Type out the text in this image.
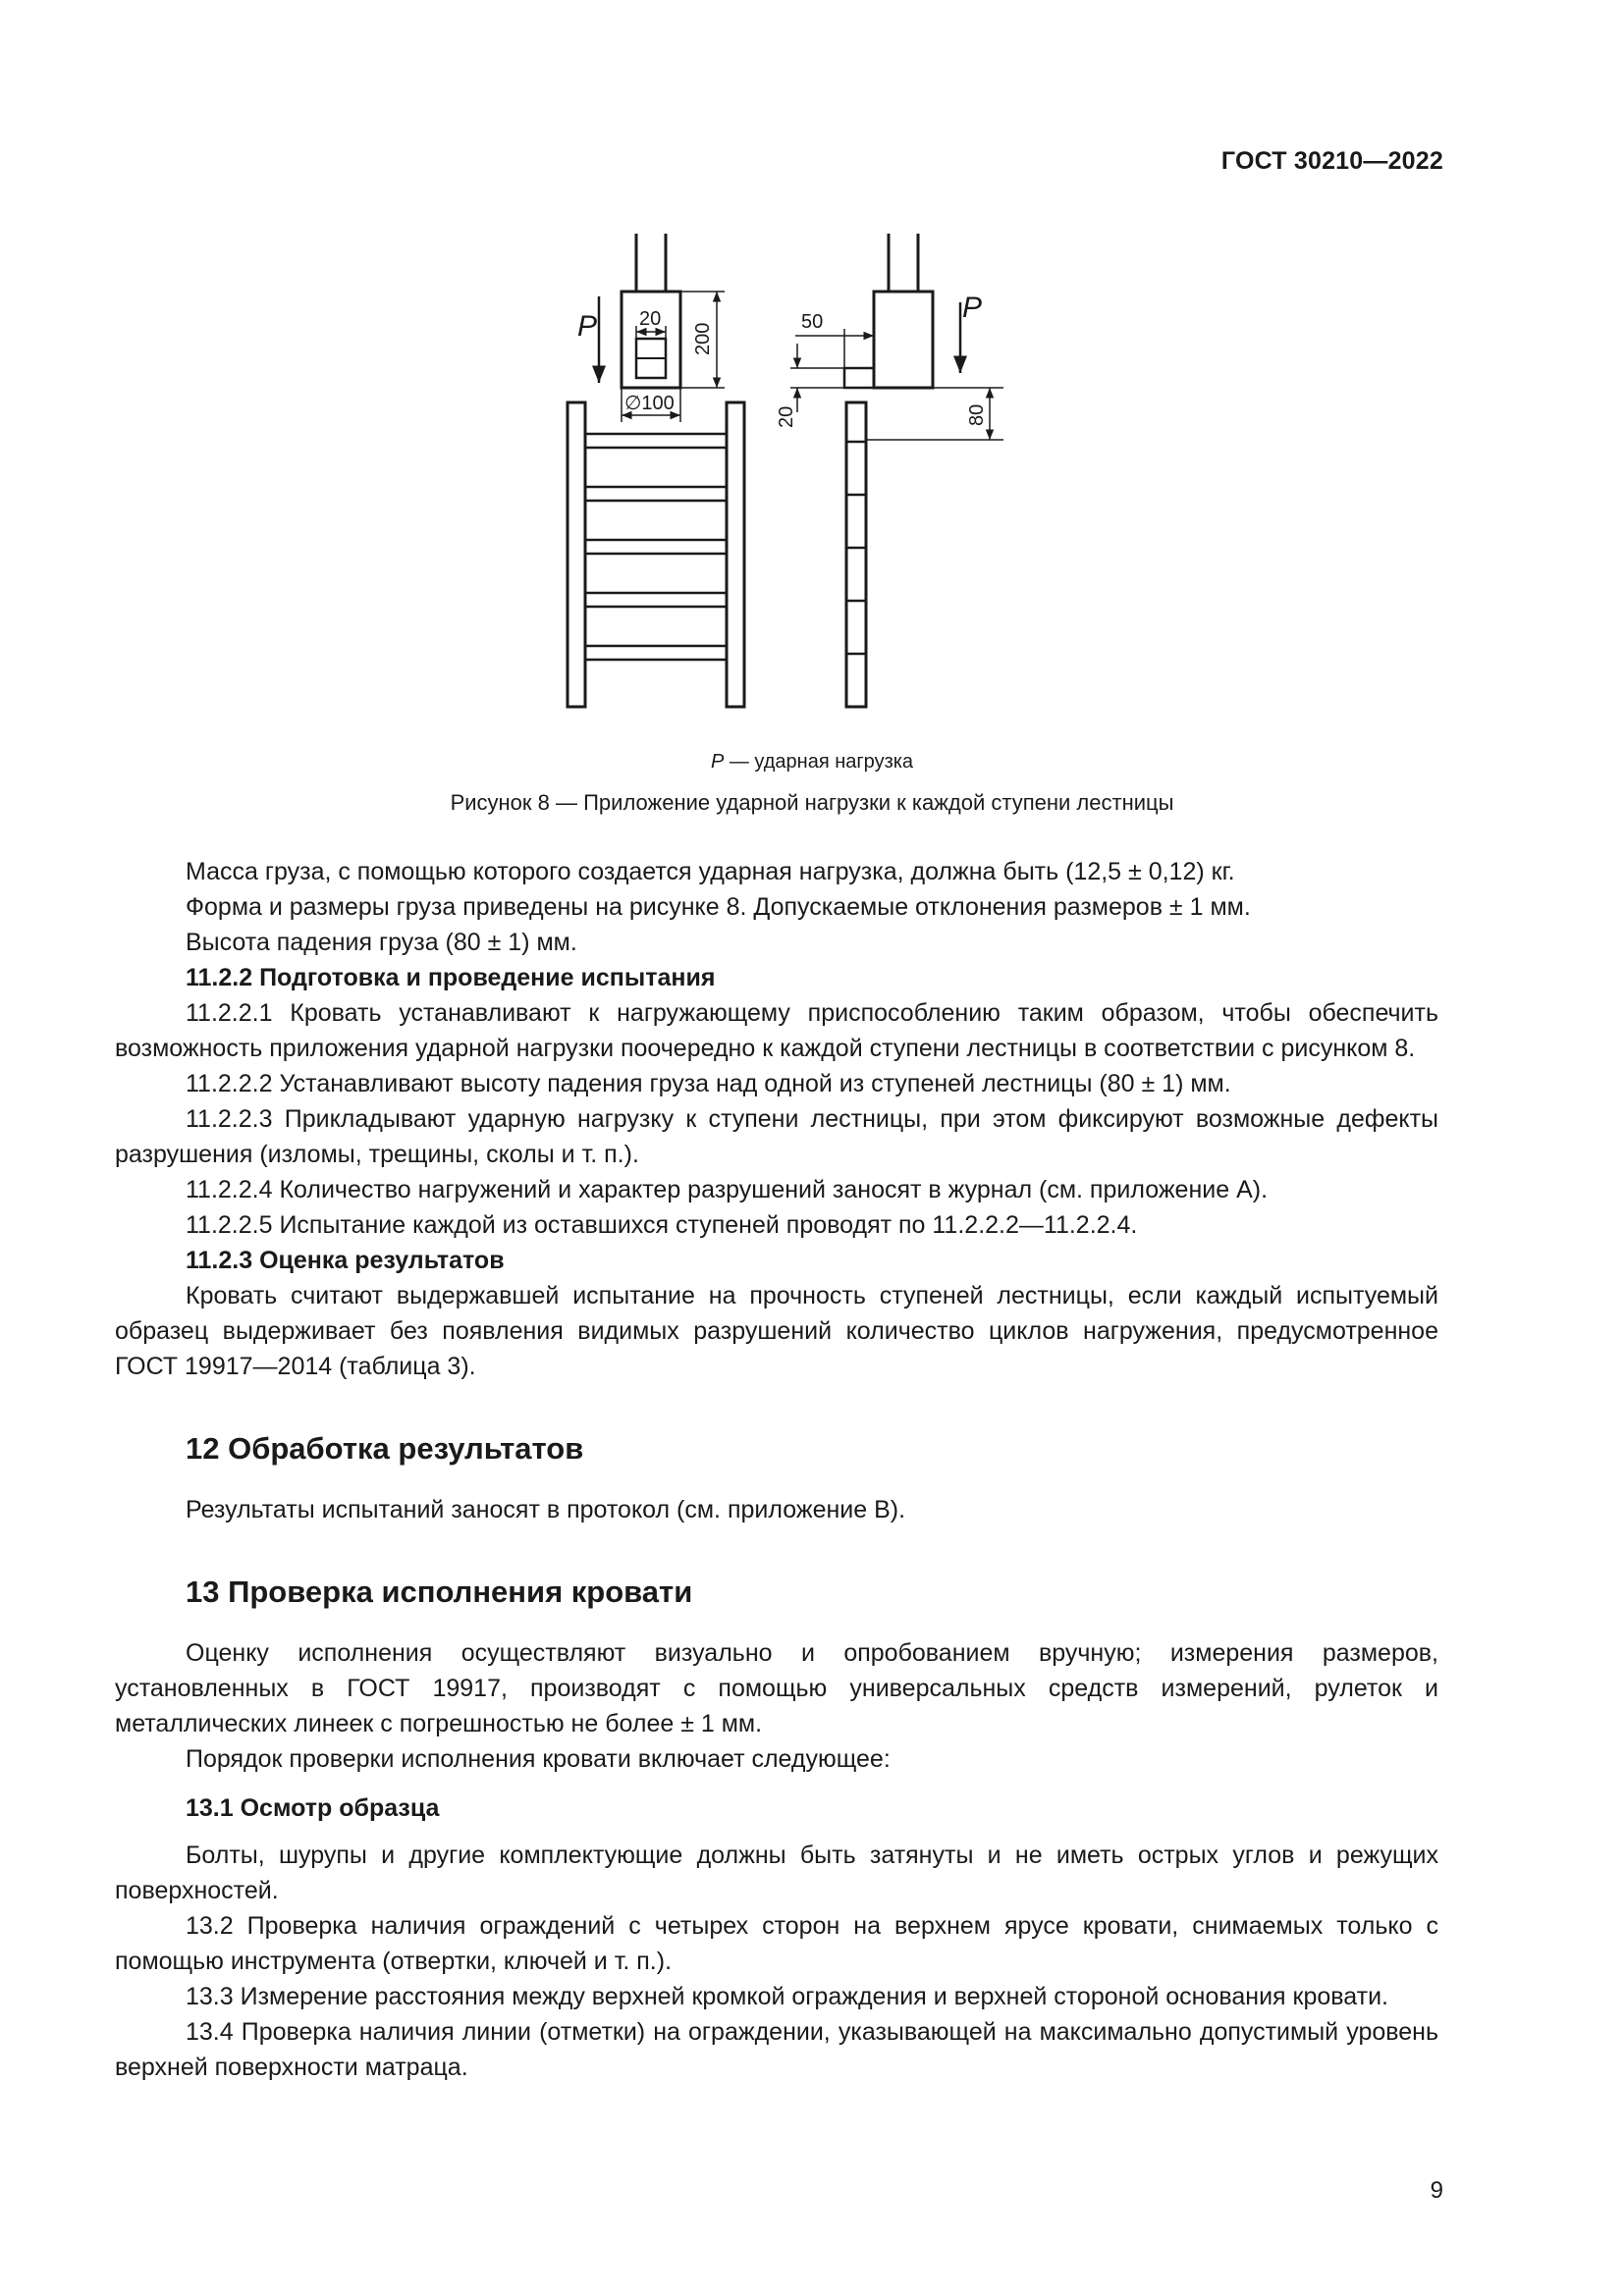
ГОСТ 30210—2022
P
P
20
200
∅100
50
20	80
P — ударная нагрузка
Рисунок 8 — Приложение ударной нагрузки к каждой ступени лестницы

Масса груза, с помощью которого создается ударная нагрузка, должна быть (12,5 ± 0,12) кг.

Форма и размеры груза приведены на рисунке 8. Допускаемые отклонения размеров ± 1 мм.

Высота падения груза (80 ± 1) мм.

11.2.2 Подготовка и проведение испытания

11.2.2.1 Кровать устанавливают к нагружающему приспособлению таким образом, чтобы обеспечить возможность приложения ударной нагрузки поочередно к каждой ступени лестницы в соответствии с рисунком 8.

11.2.2.2 Устанавливают высоту падения груза над одной из ступеней лестницы (80 ± 1) мм.

11.2.2.3 Прикладывают ударную нагрузку к ступени лестницы, при этом фиксируют возможные дефекты разрушения (изломы, трещины, сколы и т. п.).

11.2.2.4 Количество нагружений и характер разрушений заносят в журнал (см. приложение А).

11.2.2.5 Испытание каждой из оставшихся ступеней проводят по 11.2.2.2—11.2.2.4.

11.2.3 Оценка результатов

Кровать считают выдержавшей испытание на прочность ступеней лестницы, если каждый испытуемый образец выдерживает без появления видимых разрушений количество циклов нагружения, предусмотренное ГОСТ 19917—2014 (таблица 3).

12 Обработка результатов

Результаты испытаний заносят в протокол (см. приложение В).

13 Проверка исполнения кровати

Оценку исполнения осуществляют визуально и опробованием вручную; измерения размеров, установленных в ГОСТ 19917, производят с помощью универсальных средств измерений, рулеток и металлических линеек с погрешностью не более ± 1 мм.

Порядок проверки исполнения кровати включает следующее:

13.1 Осмотр образца

Болты, шурупы и другие комплектующие должны быть затянуты и не иметь острых углов и режущих поверхностей.

13.2 Проверка наличия ограждений с четырех сторон на верхнем ярусе кровати, снимаемых только с помощью инструмента (отвертки, ключей и т. п.).

13.3 Измерение расстояния между верхней кромкой ограждения и верхней стороной основания кровати.

13.4 Проверка наличия линии (отметки) на ограждении, указывающей на максимально допустимый уровень верхней поверхности матраца.

9
